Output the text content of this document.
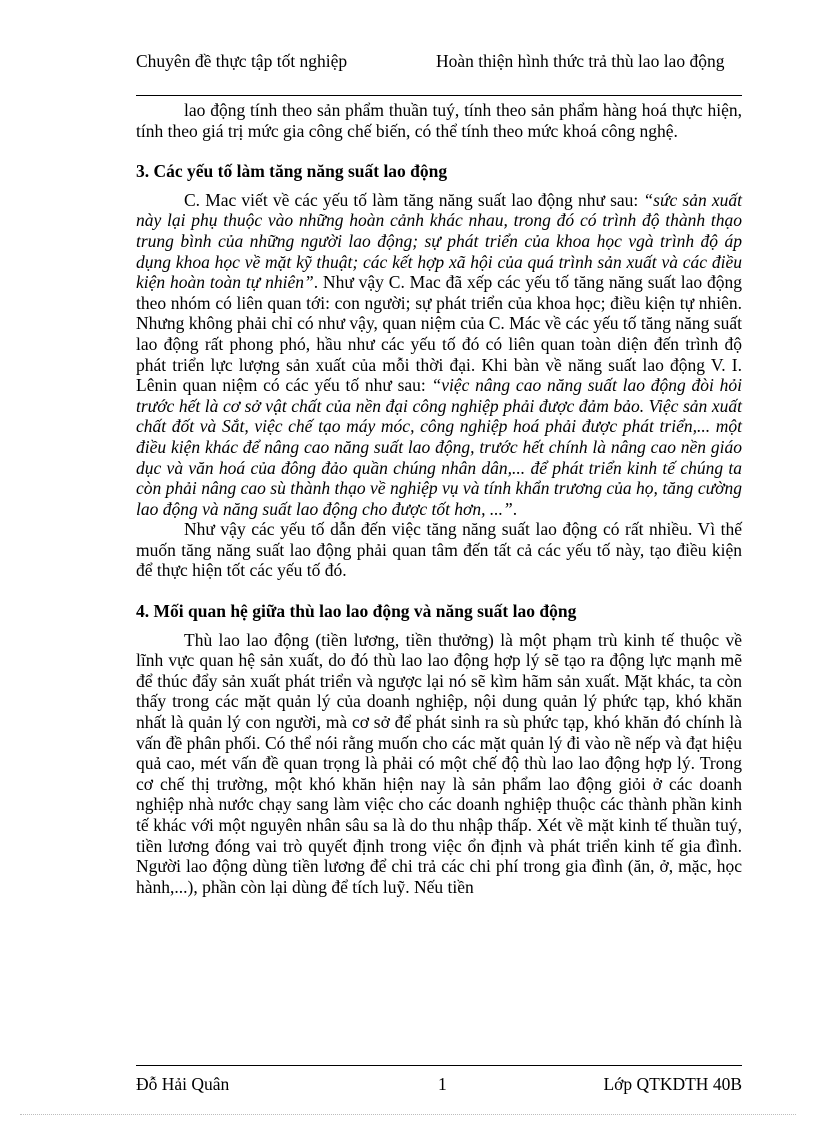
Chuyên đề thực tập tốt nghiệp	Hoàn thiện hình thức trả thù lao lao động

lao động tính theo sản phẩm thuần tuý, tính theo sản phẩm hàng hoá thực hiện, tính theo giá trị mức gia công chế biến, có thể tính theo mức khoá công nghệ.

3. Các yếu tố làm tăng năng suất lao động

C. Mac viết về các yếu tố làm tăng năng suất lao động như sau: “sức sản xuất này lại phụ thuộc vào những hoàn cảnh khác nhau, trong đó có trình độ thành thạo trung bình của những người lao động; sự phát triển của khoa học vgà trình độ áp dụng khoa học về mặt kỹ thuật; các kết hợp xã hội của quá trình sản xuất và các điều kiện hoàn toàn tự nhiên”. Như vậy C. Mac đã xếp các yếu tố tăng năng suất lao động theo nhóm có liên quan tới: con người; sự phát triển của khoa học; điều kiện tự nhiên. Nhưng không phải chỉ có như vậy, quan niệm của C. Mác về các yếu tố tăng năng suất lao động rất phong phó, hầu như các yếu tố đó có liên quan toàn diện đến trình độ phát triển lực lượng sản xuất của mỗi thời đại. Khi bàn về năng suất lao động V. I. Lênin quan niệm có các yếu tố như sau: “việc nâng cao năng suất lao động đòi hỏi trước hết là cơ sở vật chất của nền đại công nghiệp phải được đảm bảo. Việc sản xuất chất đốt và Sắt, việc chế tạo máy móc, công nghiệp hoá phải được phát triển,... một điều kiện khác để nâng cao năng suất lao động, trước hết chính là nâng cao nền giáo dục và văn hoá của đông đảo quần chúng nhân dân,... để phát triển kinh tế chúng ta còn phải nâng cao sù thành thạo về nghiệp vụ và tính khẩn trương của họ, tăng cường lao động và năng suất lao động cho được tốt hơn, ...”.

Như vậy các yếu tố dẫn đến việc tăng năng suất lao động có rất nhiều. Vì thế muốn tăng năng suất lao động phải quan tâm đến tất cả các yếu tố này, tạo điều kiện để thực hiện tốt các yếu tố đó.

4. Mối quan hệ giữa thù lao lao động và năng suất lao động

Thù lao lao động (tiền lương, tiền thưởng) là một phạm trù kinh tế thuộc về lĩnh vực quan hệ sản xuất, do đó thù lao lao động hợp lý sẽ tạo ra động lực mạnh mẽ để thúc đẩy sản xuất phát triển và ngược lại nó sẽ kìm hãm sản xuất. Mặt khác, ta còn thấy trong các mặt quản lý của doanh nghiệp, nội dung quản lý phức tạp, khó khăn nhất là quản lý con người, mà cơ sở để phát sinh ra sù phức tạp, khó khăn đó chính là vấn đề phân phối. Có thể nói rằng muốn cho các mặt quản lý đi vào nề nếp và đạt hiệu quả cao, mét vấn đề quan trọng là phải có một chế độ thù lao lao động hợp lý. Trong cơ chế thị trường, một khó khăn hiện nay là sản phẩm lao động giỏi ở các doanh nghiệp nhà nước chạy sang làm việc cho các doanh nghiệp thuộc các thành phần kinh tế khác với một nguyên nhân sâu sa là do thu nhập thấp. Xét về mặt kinh tế thuần tuý, tiền lương đóng vai trò quyết định trong việc ổn định và phát triển kinh tế gia đình. Người lao động dùng tiền lương để chi trả các chi phí trong gia đình (ăn, ở, mặc, học hành,...), phần còn lại dùng để tích luỹ. Nếu tiền

Đỗ Hải Quân	1	Lớp QTKDTH 40B
